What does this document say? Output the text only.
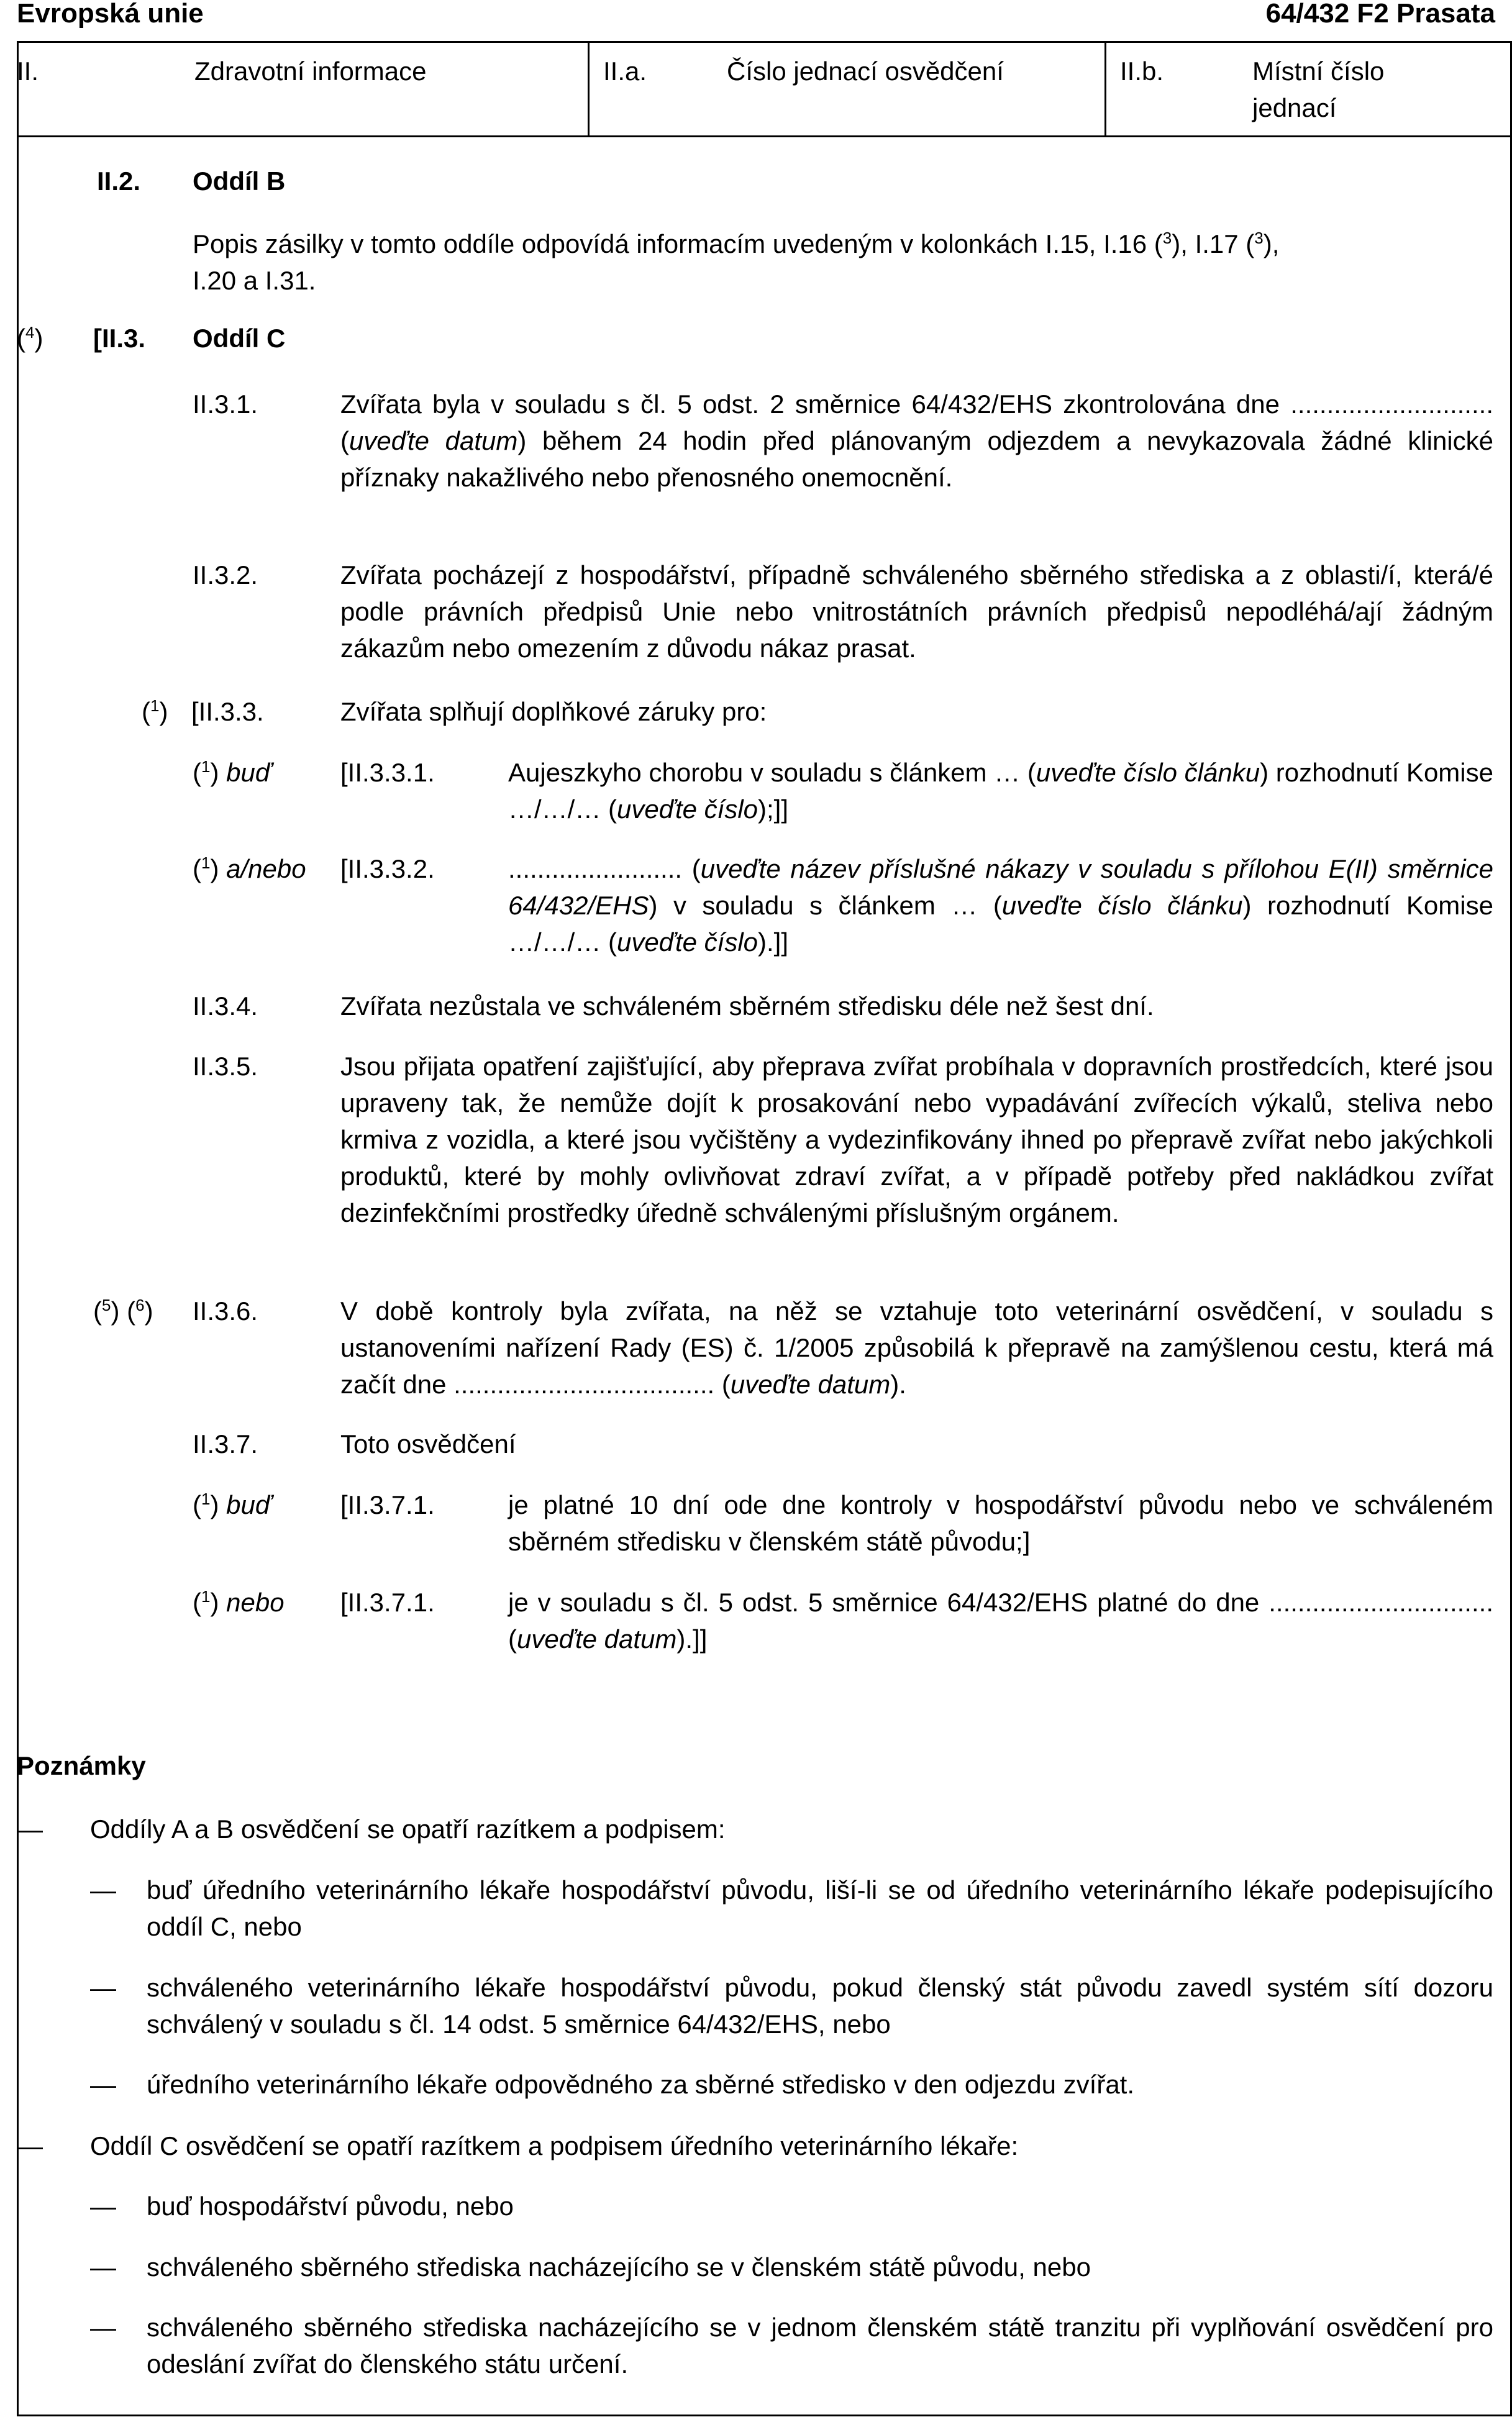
Evropská unie	64/432 F2 Prasata
II.	Zdravotní informace	II.a.	Číslo jednací osvědčení	II.b.	Místní číslo
jednací
II.2. Oddíl B
Popis zásilky v tomto oddíle odpovídá informacím uvedeným v kolonkách I.15, I.16 ($^3$), I.17 ($^3$),
I.20 a I.31.
($^4$) [II.3. Oddíl C
II.3.1.	Zvířata byla v souladu s čl. 5 odst. 2 směrnice 64/432/EHS zkontrolována dne ............................ (uveďte datum) během 24 hodin před plánovaným odjezdem a nevykazovala žádné klinické příznaky nakažlivého nebo přenosného onemocnění.
II.3.2.	Zvířata pocházejí z hospodářství, případně schváleného sběrného střediska a z oblasti/í, která/é podle právních předpisů Unie nebo vnitrostátních právních předpisů nepodléhá/ají žádným zákazům nebo omezením z důvodu nákaz prasat.
($^1$) [II.3.3.	Zvířata splňují doplňkové záruky pro:
($^1$) buď	[II.3.3.1.	Aujeszkyho chorobu v souladu s článkem … (uveďte číslo článku) rozhodnutí Komise …/…/… (uveďte číslo);]]
($^1$) a/nebo [II.3.3.2.	........................ (uveďte název příslušné nákazy v souladu s přílohou E(II) směrnice 64/432/EHS) v souladu s článkem … (uveďte číslo článku) rozhodnutí Komise …/…/… (uveďte číslo).]]
II.3.4.	Zvířata nezůstala ve schváleném sběrném středisku déle než šest dní.
II.3.5.	Jsou přijata opatření zajišťující, aby přeprava zvířat probíhala v dopravních prostředcích, které jsou upraveny tak, že nemůže dojít k prosakování nebo vypadávání zvířecích výkalů, steliva nebo krmiva z vozidla, a které jsou vyčištěny a vydezinfikovány ihned po přepravě zvířat nebo jakýchkoli produktů, které by mohly ovlivňovat zdraví zvířat, a v případě potřeby před nakládkou zvířat dezinfekčními prostředky úředně schválenými příslušným orgánem.
($^5$) ($^6$) II.3.6.	V době kontroly byla zvířata, na něž se vztahuje toto veterinární osvědčení, v souladu s ustanoveními nařízení Rady (ES) č. 1/2005 způsobilá k přepravě na zamýšlenou cestu, která má začít dne .................................... (uveďte datum).
II.3.7.	Toto osvědčení
($^1$) buď	[II.3.7.1.	je platné 10 dní ode dne kontroly v hospodářství původu nebo ve schváleném sběrném středisku v členském státě původu;]
($^1$) nebo [II.3.7.1.	je v souladu s čl. 5 odst. 5 směrnice 64/432/EHS platné do dne ............................... (uveďte datum).]]
Poznámky
— Oddíly A a B osvědčení se opatří razítkem a podpisem:
— buď úředního veterinárního lékaře hospodářství původu, liší-li se od úředního veterinárního lékaře podepisujícího oddíl C, nebo
— schváleného veterinárního lékaře hospodářství původu, pokud členský stát původu zavedl systém sítí dozoru schválený v souladu s čl. 14 odst. 5 směrnice 64/432/EHS, nebo
— úředního veterinárního lékaře odpovědného za sběrné středisko v den odjezdu zvířat.
— Oddíl C osvědčení se opatří razítkem a podpisem úředního veterinárního lékaře:
— buď hospodářství původu, nebo
— schváleného sběrného střediska nacházejícího se v členském státě původu, nebo
— schváleného sběrného střediska nacházejícího se v jednom členském státě tranzitu při vyplňování osvědčení pro odeslání zvířat do členského státu určení.
